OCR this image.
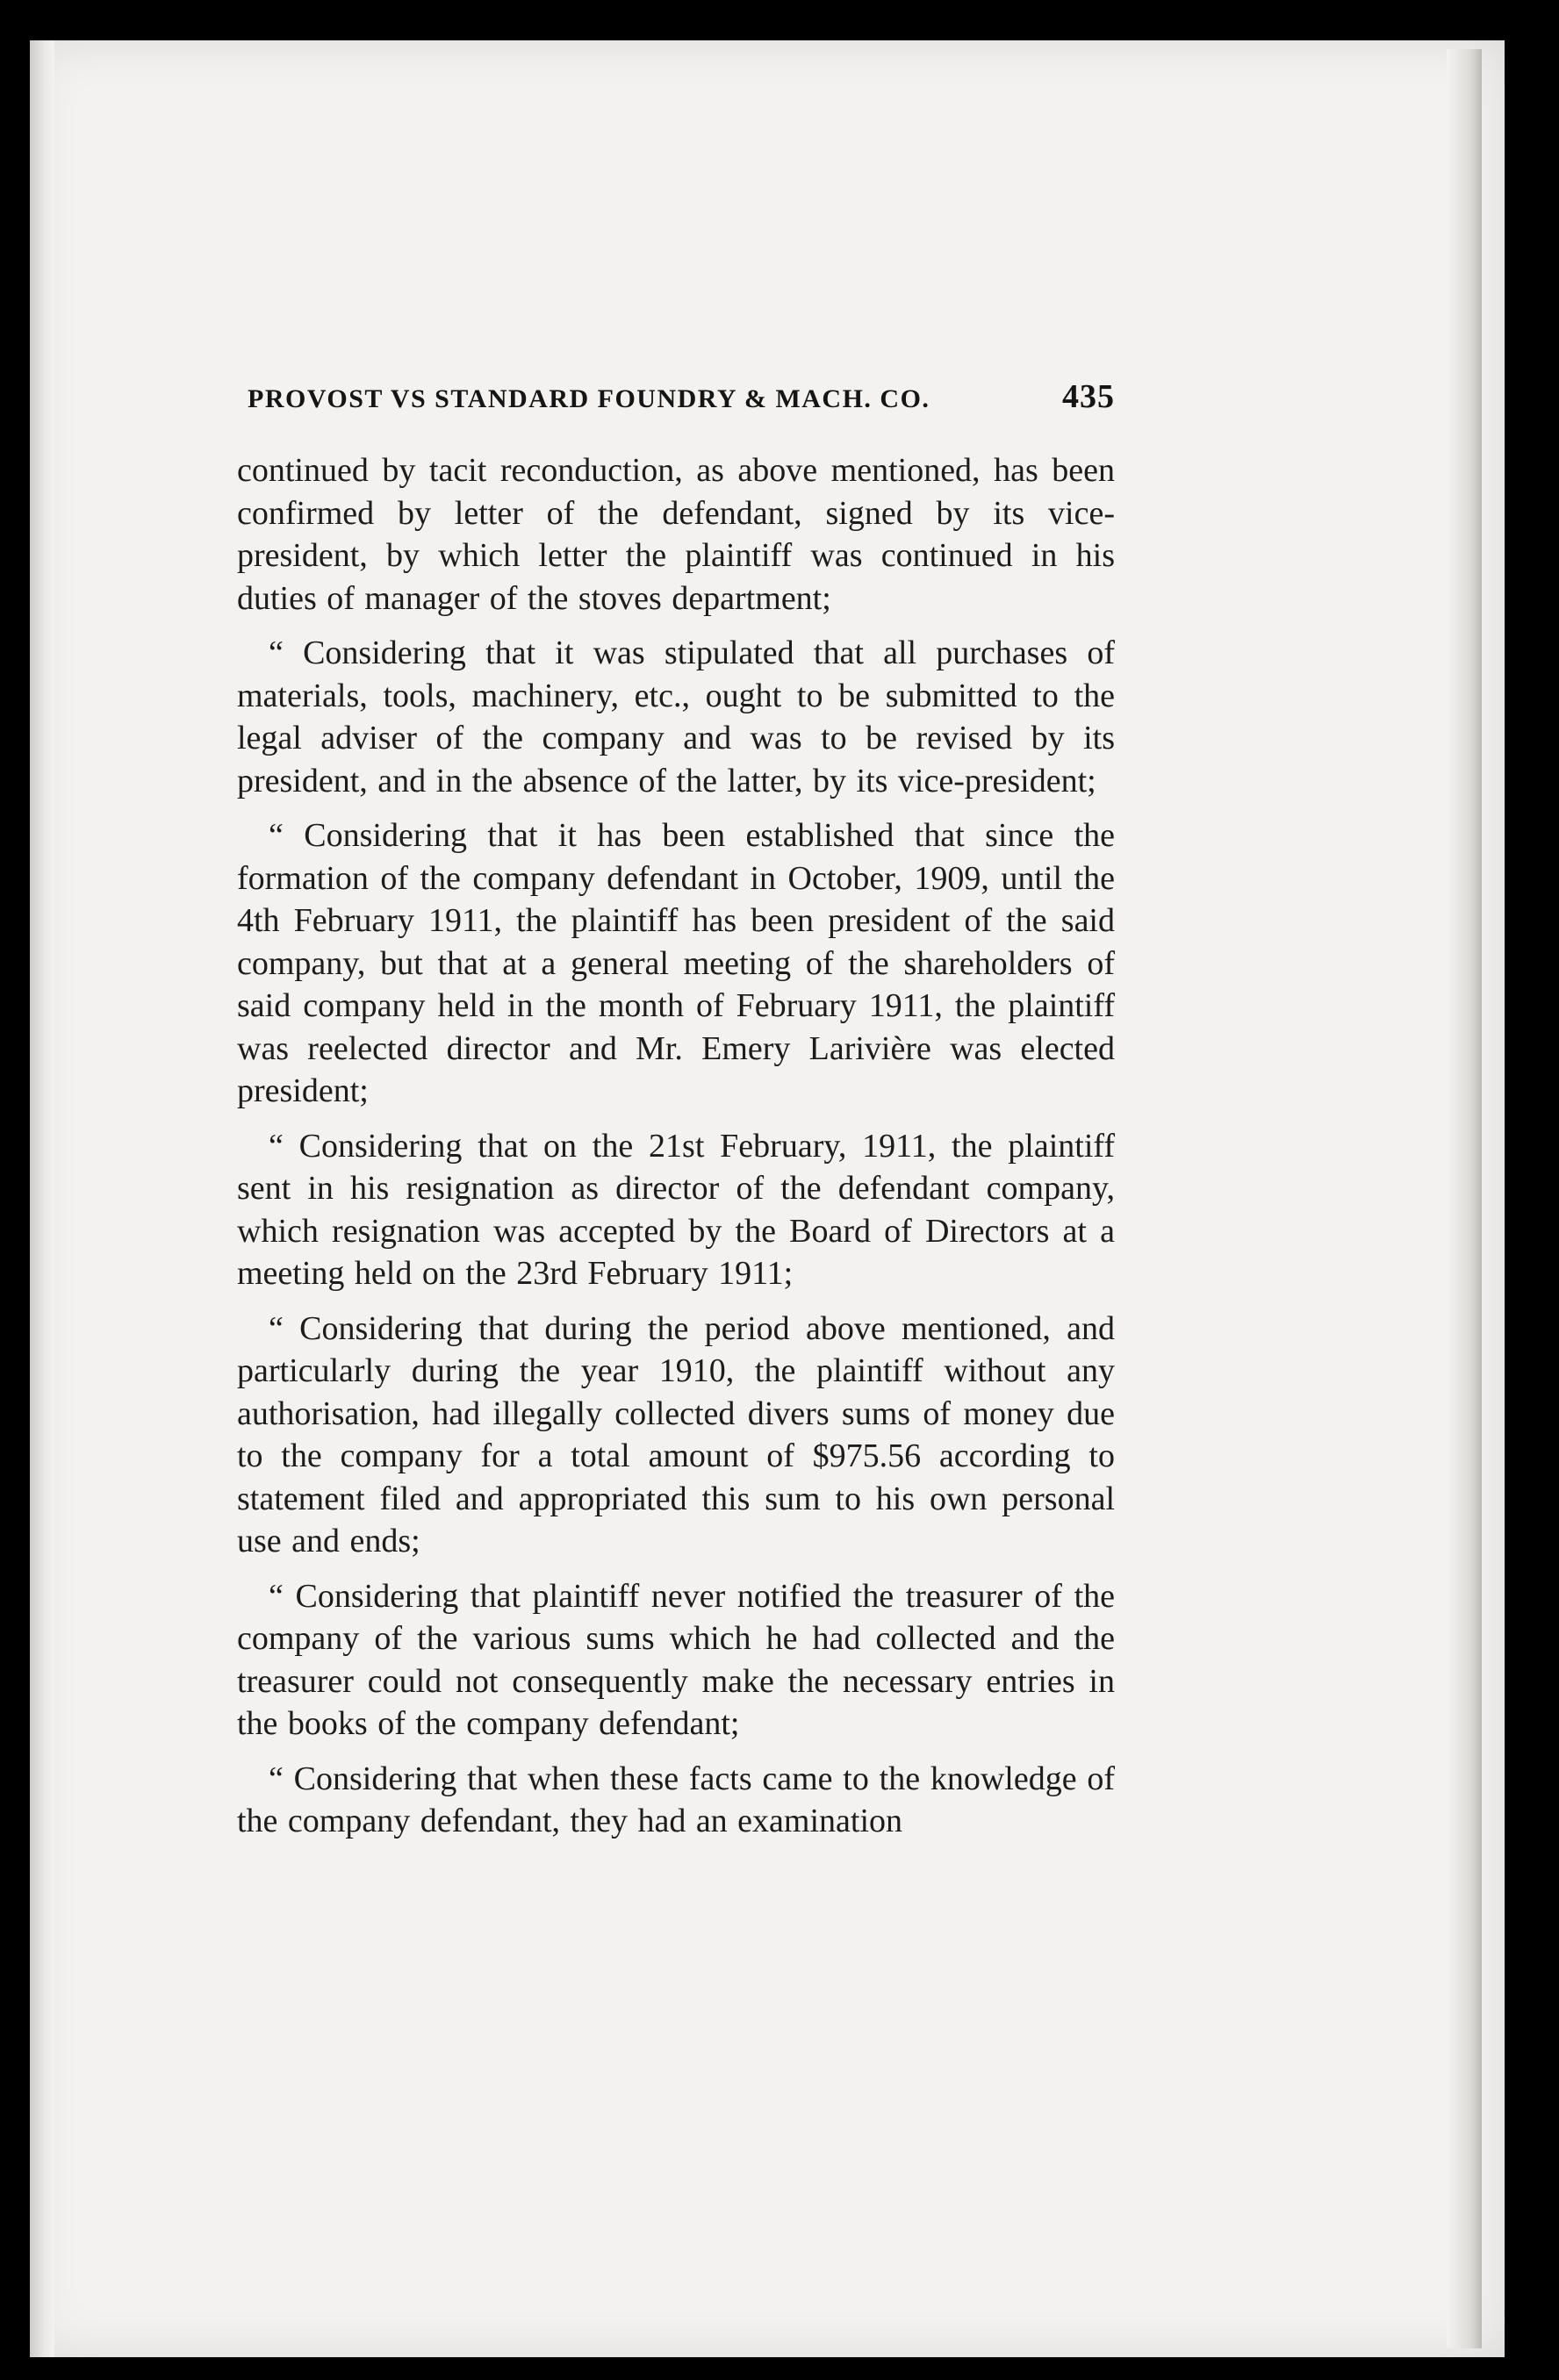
PROVOST VS STANDARD FOUNDRY & MACH. CO.	435

continued by tacit reconduction, as above mentioned, has been confirmed by letter of the defendant, signed by its vice-president, by which letter the plaintiff was continued in his duties of manager of the stoves department;

“ Considering that it was stipulated that all purchases of materials, tools, machinery, etc., ought to be submitted to the legal adviser of the company and was to be revised by its president, and in the absence of the latter, by its vice-president;

“ Considering that it has been established that since the formation of the company defendant in October, 1909, until the 4th February 1911, the plaintiff has been president of the said company, but that at a general meeting of the shareholders of said company held in the month of February 1911, the plaintiff was reelected director and Mr. Emery Larivière was elected president;

“ Considering that on the 21st February, 1911, the plaintiff sent in his resignation as director of the defendant company, which resignation was accepted by the Board of Directors at a meeting held on the 23rd February 1911;

“ Considering that during the period above mentioned, and particularly during the year 1910, the plaintiff without any authorisation, had illegally collected divers sums of money due to the company for a total amount of $975.56 according to statement filed and appropriated this sum to his own personal use and ends;

“ Considering that plaintiff never notified the treasurer of the company of the various sums which he had collected and the treasurer could not consequently make the necessary entries in the books of the company defendant;

“ Considering that when these facts came to the knowledge of the company defendant, they had an examination
